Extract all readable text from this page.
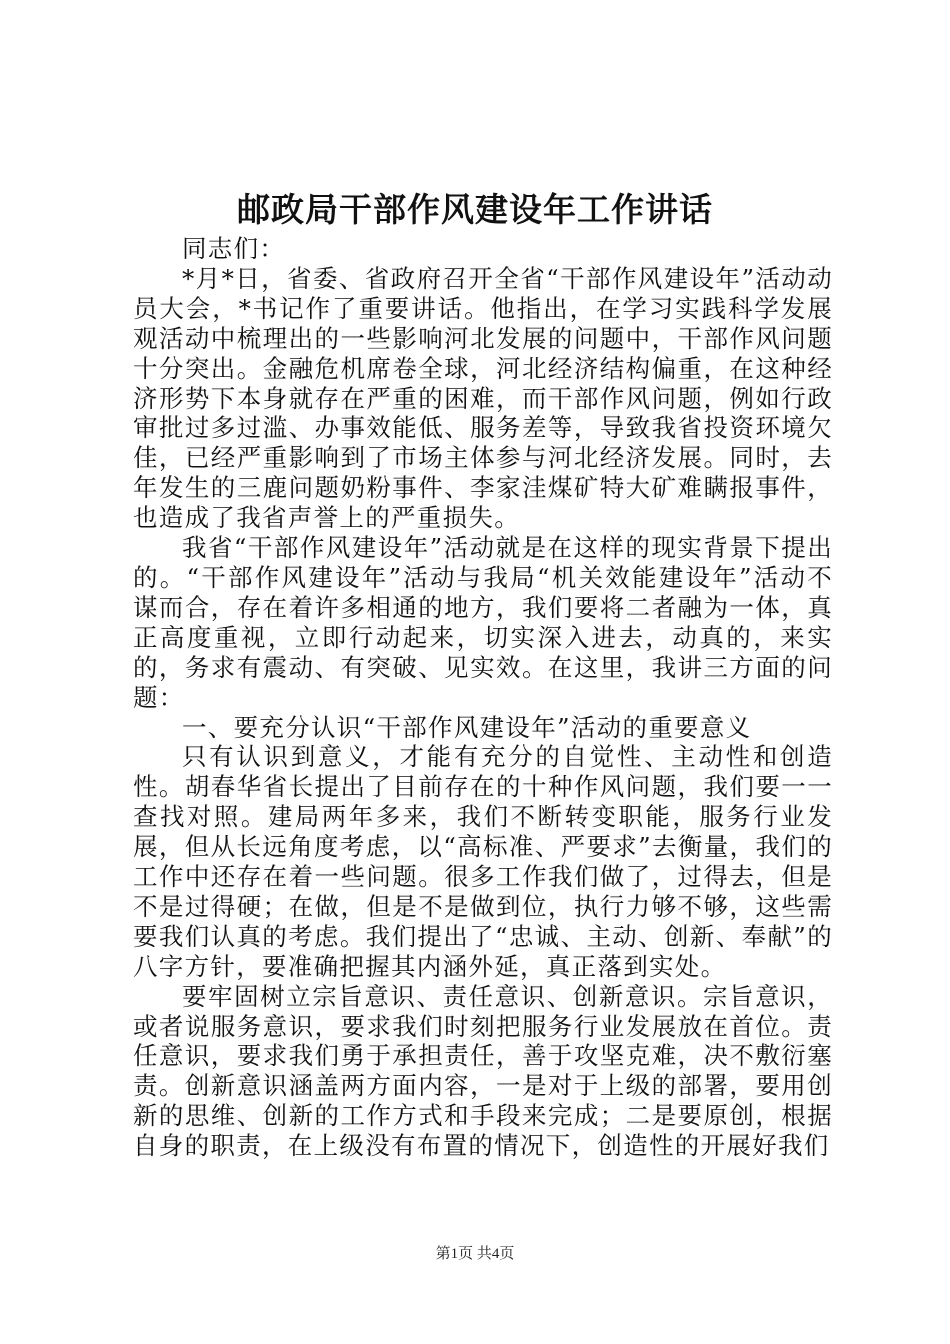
邮政局干部作风建设年工作讲话

同志们：

*月*日，省委、省政府召开全省“干部作风建设年”活动动员大会，*书记作了重要讲话。他指出，在学习实践科学发展观活动中梳理出的一些影响河北发展的问题中，干部作风问题十分突出。金融危机席卷全球，河北经济结构偏重，在这种经济形势下本身就存在严重的困难，而干部作风问题，例如行政审批过多过滥、办事效能低、服务差等，导致我省投资环境欠佳，已经严重影响到了市场主体参与河北经济发展。同时，去年发生的三鹿问题奶粉事件、李家洼煤矿特大矿难瞒报事件，也造成了我省声誉上的严重损失。

我省“干部作风建设年”活动就是在这样的现实背景下提出的。“干部作风建设年”活动与我局“机关效能建设年”活动不谋而合，存在着许多相通的地方，我们要将二者融为一体，真正高度重视，立即行动起来，切实深入进去，动真的，来实的，务求有震动、有突破、见实效。在这里，我讲三方面的问题：

一、要充分认识“干部作风建设年”活动的重要意义

只有认识到意义，才能有充分的自觉性、主动性和创造性。胡春华省长提出了目前存在的十种作风问题，我们要一一查找对照。建局两年多来，我们不断转变职能，服务行业发展，但从长远角度考虑，以“高标准、严要求”去衡量，我们的工作中还存在着一些问题。很多工作我们做了，过得去，但是不是过得硬；在做，但是不是做到位，执行力够不够，这些需要我们认真的考虑。我们提出了“忠诚、主动、创新、奉献”的八字方针，要准确把握其内涵外延，真正落到实处。

要牢固树立宗旨意识、责任意识、创新意识。宗旨意识，或者说服务意识，要求我们时刻把服务行业发展放在首位。责任意识，要求我们勇于承担责任，善于攻坚克难，决不敷衍塞责。创新意识涵盖两方面内容，一是对于上级的部署，要用创新的思维、创新的工作方式和手段来完成；二是要原创，根据自身的职责，在上级没有布置的情况下，创造性的开展好我们

第1页 共4页
